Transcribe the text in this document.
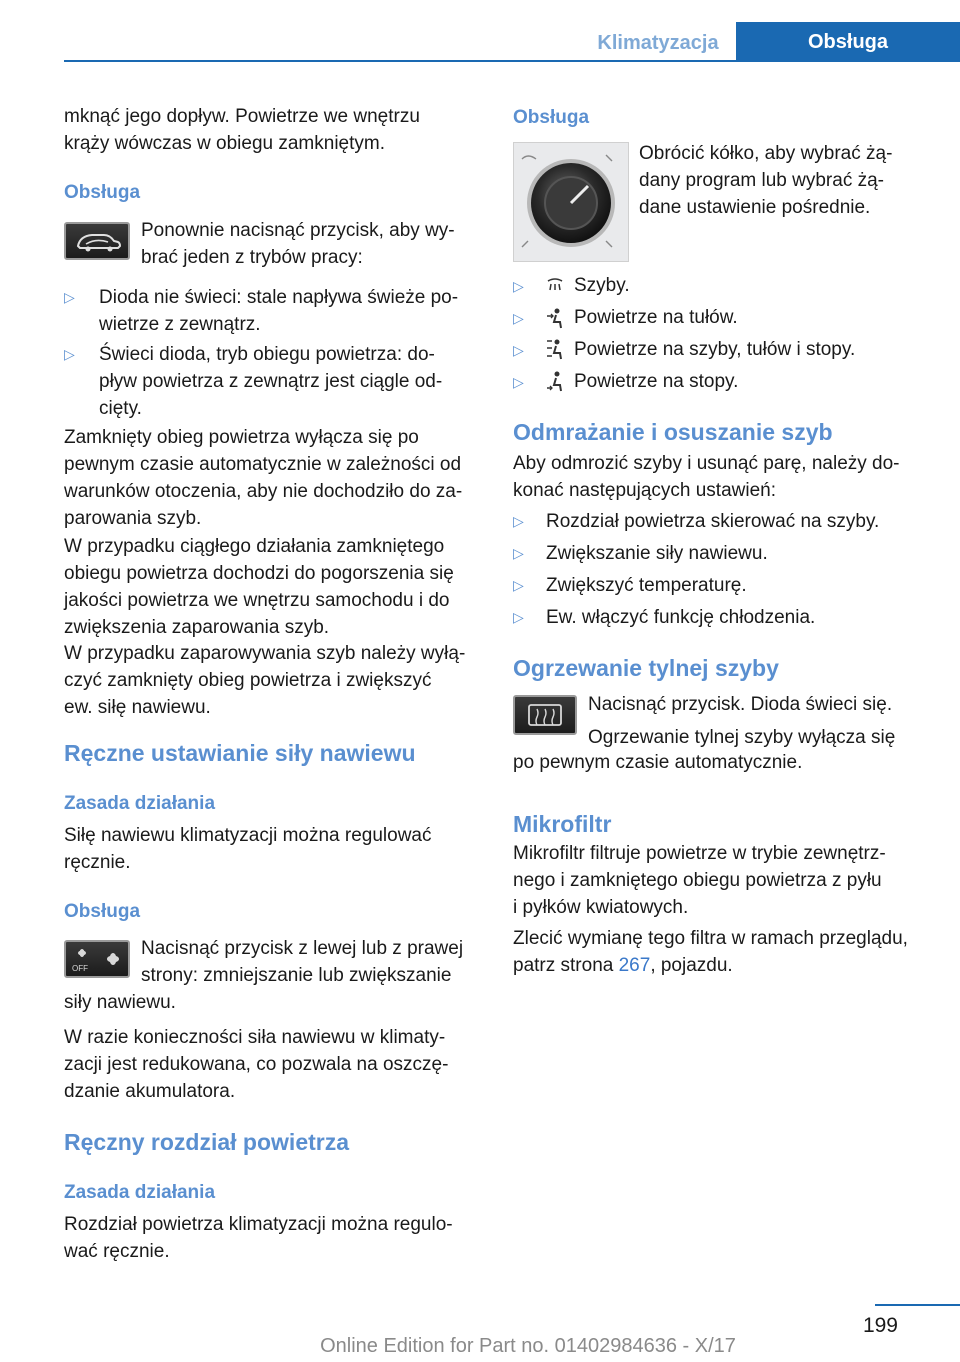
Klimatyzacja	Obsługa
mknąć jego dopływ. Powietrze we wnętrzu
krąży wówczas w obiegu zamkniętym.
Obsługa
Ponownie nacisnąć przycisk, aby wy-
brać jeden z trybów pracy:
▷ Dioda nie świeci: stale napływa świeże po-
wietrze z zewnątrz.
▷ Świeci dioda, tryb obiegu powietrza: do-
pływ powietrza z zewnątrz jest ciągle od-
cięty.
Zamknięty obieg powietrza wyłącza się po
pewnym czasie automatycznie w zależności od
warunków otoczenia, aby nie dochodziło do za-
parowania szyb.
W przypadku ciągłego działania zamkniętego
obiegu powietrza dochodzi do pogorszenia się
jakości powietrza we wnętrzu samochodu i do
zwiększenia zaparowania szyb.
W przypadku zaparowywania szyb należy wyłą-
czyć zamknięty obieg powietrza i zwiększyć
ew. siłę nawiewu.
Ręczne ustawianie siły nawiewu
Zasada działania
Siłę nawiewu klimatyzacji można regulować
ręcznie.
Obsługa
OFF
Nacisnąć przycisk z lewej lub z prawej
strony: zmniejszanie lub zwiększanie
siły nawiewu.
W razie konieczności siła nawiewu w klimaty-
zacji jest redukowana, co pozwala na oszczę-
dzanie akumulatora.
Ręczny rozdział powietrza
Zasada działania
Rozdział powietrza klimatyzacji można regulo-
wać ręcznie.
Obsługa
Obrócić kółko, aby wybrać żą-
dany program lub wybrać żą-
dane ustawienie pośrednie.
▷	Szyby.
▷	Powietrze na tułów.
▷	Powietrze na szyby, tułów i stopy.
▷	Powietrze na stopy.
Odmrażanie i osuszanie szyb
Aby odmrozić szyby i usunąć parę, należy do-
konać następujących ustawień:
▷ Rozdział powietrza skierować na szyby.
▷ Zwiększanie siły nawiewu.
▷ Zwiększyć temperaturę.
▷ Ew. włączyć funkcję chłodzenia.
Ogrzewanie tylnej szyby
Nacisnąć przycisk. Dioda świeci się.
Ogrzewanie tylnej szyby wyłącza się
po pewnym czasie automatycznie.
Mikrofiltr
Mikrofiltr filtruje powietrze w trybie zewnętrz-
nego i zamkniętego obiegu powietrza z pyłu
i pyłków kwiatowych.
Zlecić wymianę tego filtra w ramach przeglądu,
patrz strona 267, pojazdu.
199
Online Edition for Part no. 01402984636 - X/17
